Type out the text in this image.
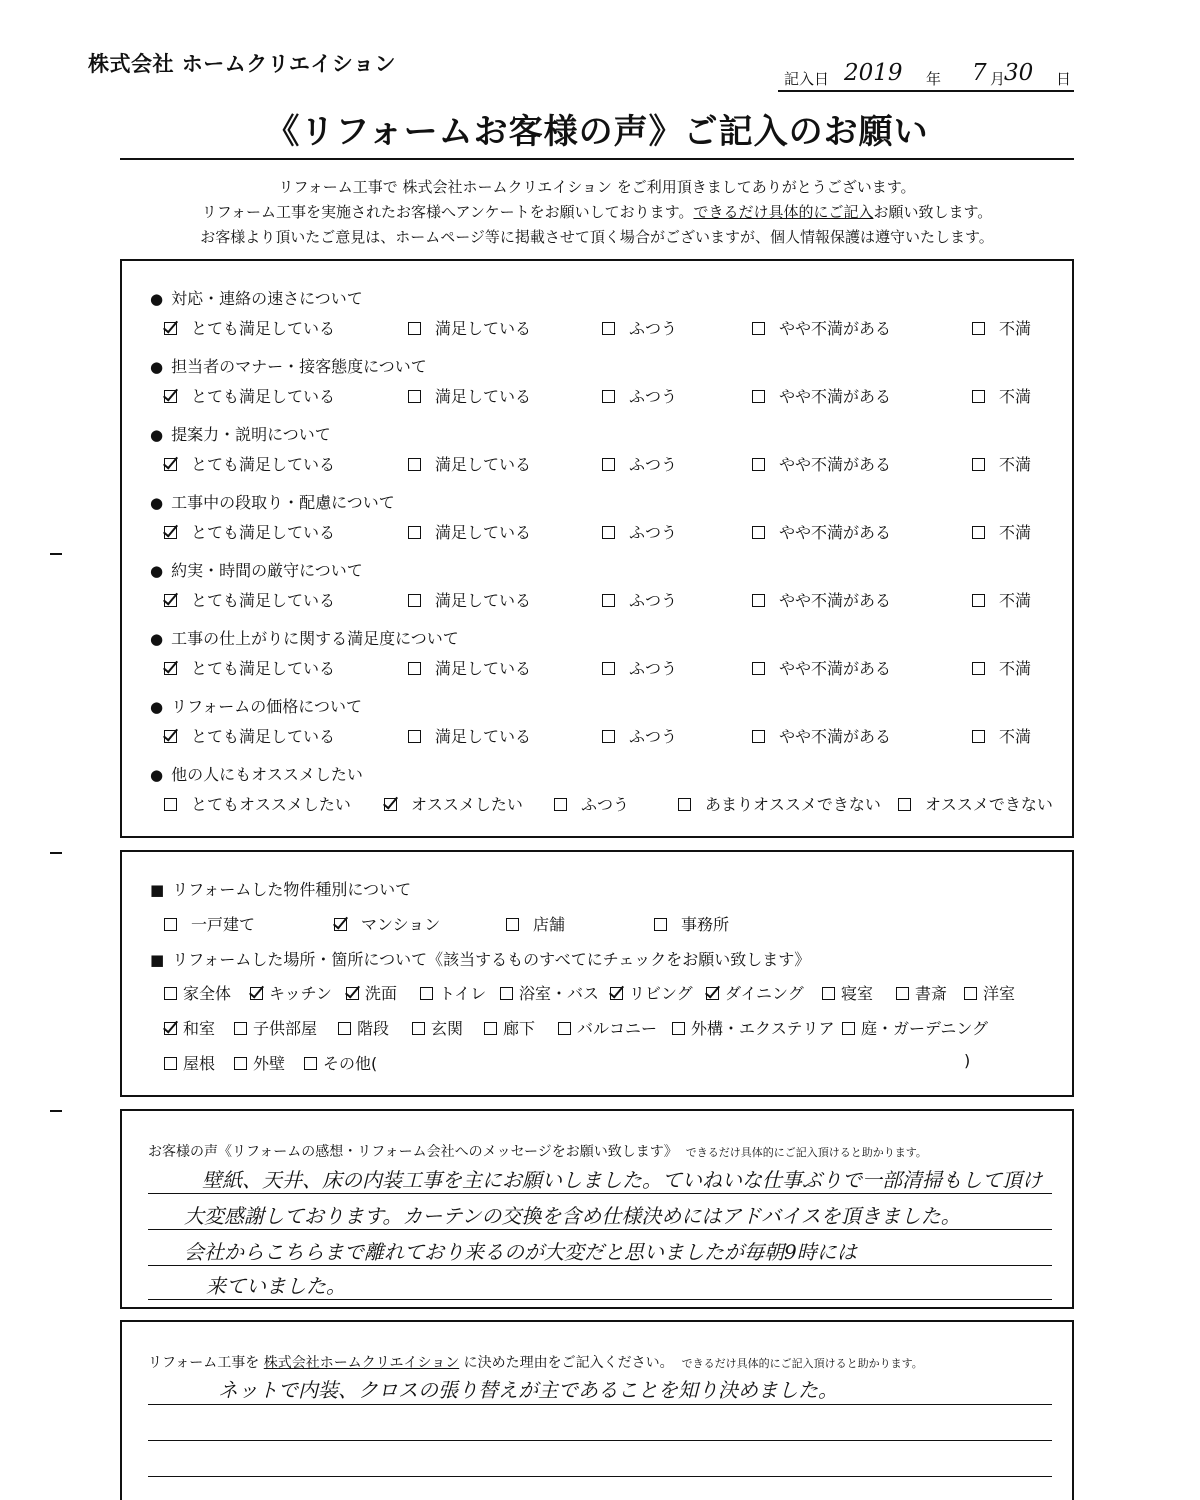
株式会社 ホームクリエイション
記入日 2019 年 7 月
30 日
《リフォームお客様の声》ご記入のお願い
リフォーム工事で 株式会社ホームクリエイション をご利用頂きましてありがとうございます。
リフォーム工事を実施されたお客様へアンケートをお願いしております。できるだけ具体的にご記入お願い致します。
お客様より頂いたご意見は、ホームページ等に掲載させて頂く場合がございますが、個人情報保護は遵守いたします。
● 対応・連絡の速さについて
とても満足している	満足している	ふつう	やや不満がある	不満
● 担当者のマナー・接客態度について
とても満足している	満足している	ふつう	やや不満がある	不満
● 提案力・説明について
とても満足している	満足している	ふつう	やや不満がある	不満
● 工事中の段取り・配慮について
とても満足している	満足している	ふつう	やや不満がある	不満
● 約実・時間の厳守について
とても満足している	満足している	ふつう	やや不満がある	不満
● 工事の仕上がりに関する満足度について
とても満足している	満足している	ふつう	やや不満がある	不満
● リフォームの価格について
とても満足している	満足している	ふつう	やや不満がある	不満
● 他の人にもオススメしたい
とてもオススメしたい	オススメしたい	ふつう	あまりオススメできない	オススメできない
■ リフォームした物件種別について
一戸建て	マンション	店舗	事務所
■ リフォームした場所・箇所について《該当するものすべてにチェックをお願い致します》
家全体	キッチン	洗面	トイレ	浴室・バス	リビング	ダイニング	寝室	書斎	洋室
和室	子供部屋	階段	玄関	廊下	バルコニー	外構・エクステリア	庭・ガーデニング
屋根	外壁	その他(	)
お客様の声《リフォームの感想・リフォーム会社へのメッセージをお願い致します》 できるだけ具体的にご記入頂けると助かります。
壁紙、天井、床の内装工事を主にお願いしました。ていねいな仕事ぶりで一部清掃もして頂け
大変感謝しております。カーテンの交換を含め仕様決めにはアドバイスを頂きました。
会社からこちらまで離れており来るのが大変だと思いましたが毎朝9時には
来ていました。
リフォーム工事を 株式会社ホームクリエイション に決めた理由をご記入ください。 できるだけ具体的にご記入頂けると助かります。
ネットで内装、クロスの張り替えが主であることを知り決めました。
